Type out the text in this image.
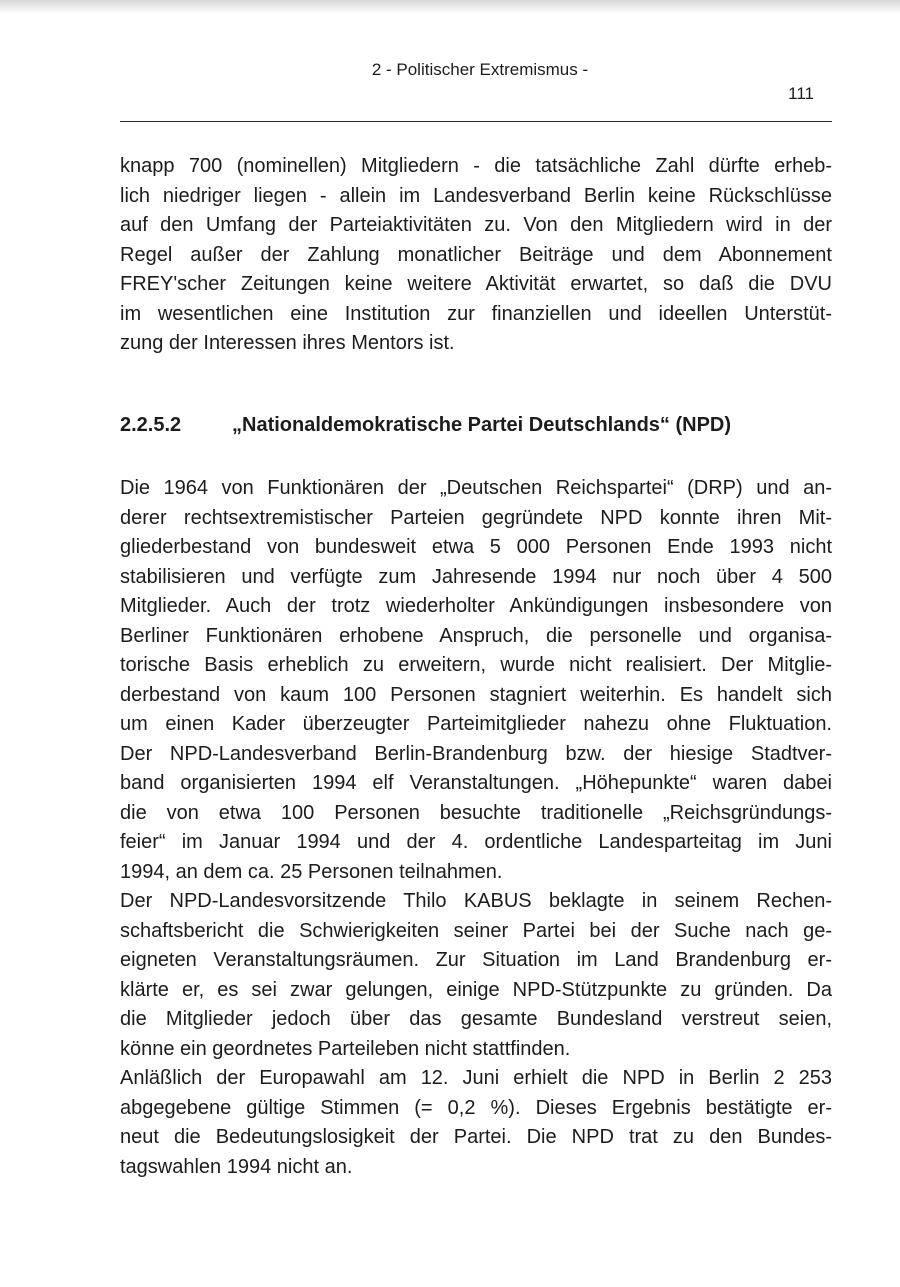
2 - Politischer Extremismus -
111
knapp 700 (nominellen) Mitgliedern - die tatsächliche Zahl dürfte erheb-
lich niedriger liegen - allein im Landesverband Berlin keine Rückschlüsse
auf den Umfang der Parteiaktivitäten zu. Von den Mitgliedern wird in der
Regel außer der Zahlung monatlicher Beiträge und dem Abonnement
FREY'scher Zeitungen keine weitere Aktivität erwartet, so daß die DVU
im wesentlichen eine Institution zur finanziellen und ideellen Unterstüt-
zung der Interessen ihres Mentors ist.
2.2.5.2	„Nationaldemokratische Partei Deutschlands“ (NPD)
Die 1964 von Funktionären der „Deutschen Reichspartei“ (DRP) und an-
derer rechtsextremistischer Parteien gegründete NPD konnte ihren Mit-
gliederbestand von bundesweit etwa 5 000 Personen Ende 1993 nicht
stabilisieren und verfügte zum Jahresende 1994 nur noch über 4 500
Mitglieder. Auch der trotz wiederholter Ankündigungen insbesondere von
Berliner Funktionären erhobene Anspruch, die personelle und organisa-
torische Basis erheblich zu erweitern, wurde nicht realisiert. Der Mitglie-
derbestand von kaum 100 Personen stagniert weiterhin. Es handelt sich
um einen Kader überzeugter Parteimitglieder nahezu ohne Fluktuation.
Der NPD-Landesverband Berlin-Brandenburg bzw. der hiesige Stadtver-
band organisierten 1994 elf Veranstaltungen. „Höhepunkte“ waren dabei
die von etwa 100 Personen besuchte traditionelle „Reichsgründungs-
feier“ im Januar 1994 und der 4. ordentliche Landesparteitag im Juni
1994, an dem ca. 25 Personen teilnahmen.
Der NPD-Landesvorsitzende Thilo KABUS beklagte in seinem Rechen-
schaftsbericht die Schwierigkeiten seiner Partei bei der Suche nach ge-
eigneten Veranstaltungsräumen. Zur Situation im Land Brandenburg er-
klärte er, es sei zwar gelungen, einige NPD-Stützpunkte zu gründen. Da
die Mitglieder jedoch über das gesamte Bundesland verstreut seien,
könne ein geordnetes Parteileben nicht stattfinden.
Anläßlich der Europawahl am 12. Juni erhielt die NPD in Berlin 2 253
abgegebene gültige Stimmen (= 0,2 %). Dieses Ergebnis bestätigte er-
neut die Bedeutungslosigkeit der Partei. Die NPD trat zu den Bundes-
tagswahlen 1994 nicht an.
